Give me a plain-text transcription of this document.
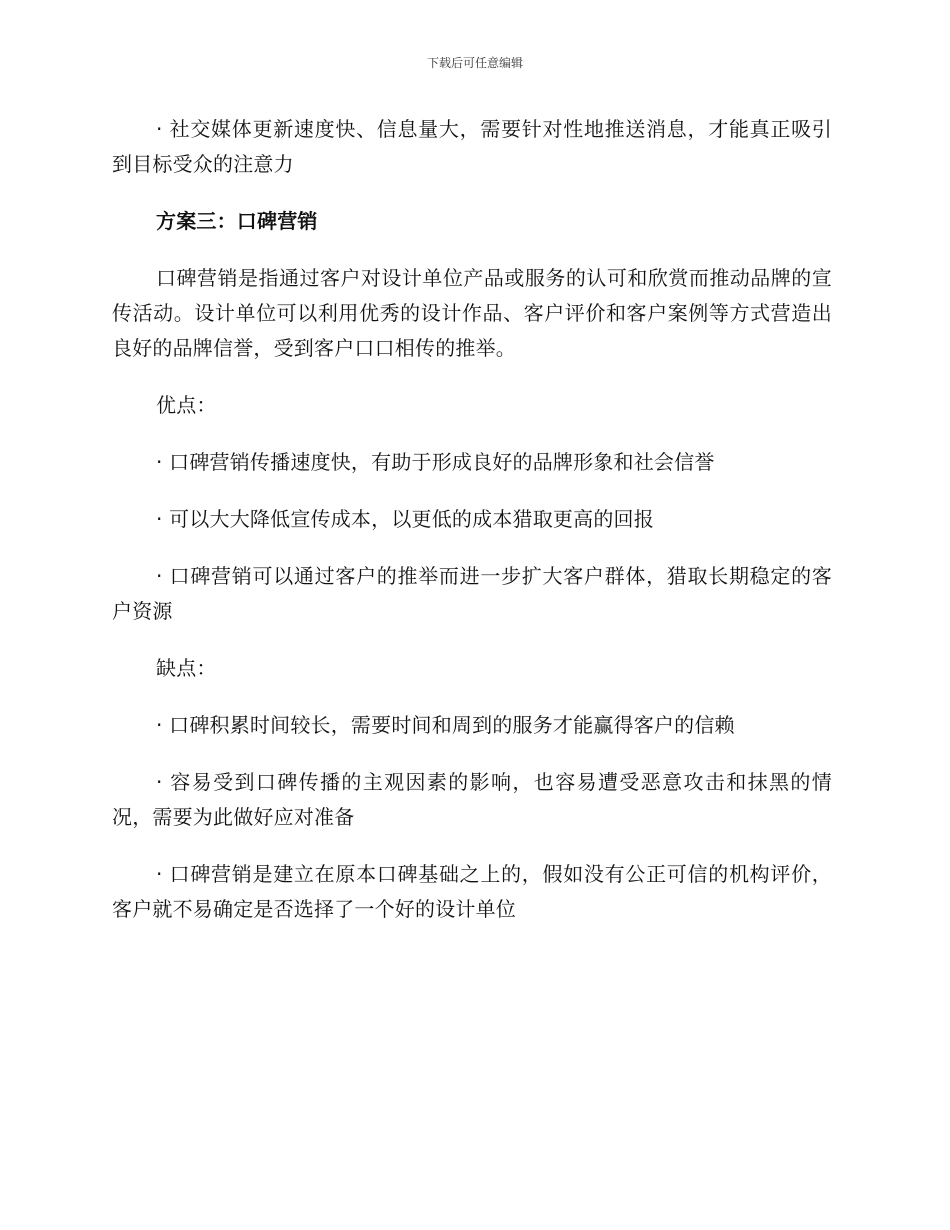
下载后可任意编辑

· 社交媒体更新速度快、信息量大，需要针对性地推送消息，才能真正吸引到目标受众的注意力

方案三：口碑营销

口碑营销是指通过客户对设计单位产品或服务的认可和欣赏而推动品牌的宣传活动。设计单位可以利用优秀的设计作品、客户评价和客户案例等方式营造出良好的品牌信誉，受到客户口口相传的推举。

优点：

· 口碑营销传播速度快，有助于形成良好的品牌形象和社会信誉

· 可以大大降低宣传成本，以更低的成本猎取更高的回报

· 口碑营销可以通过客户的推举而进一步扩大客户群体，猎取长期稳定的客户资源

缺点：

· 口碑积累时间较长，需要时间和周到的服务才能赢得客户的信赖

· 容易受到口碑传播的主观因素的影响，也容易遭受恶意攻击和抹黑的情况，需要为此做好应对准备

· 口碑营销是建立在原本口碑基础之上的，假如没有公正可信的机构评价，客户就不易确定是否选择了一个好的设计单位
